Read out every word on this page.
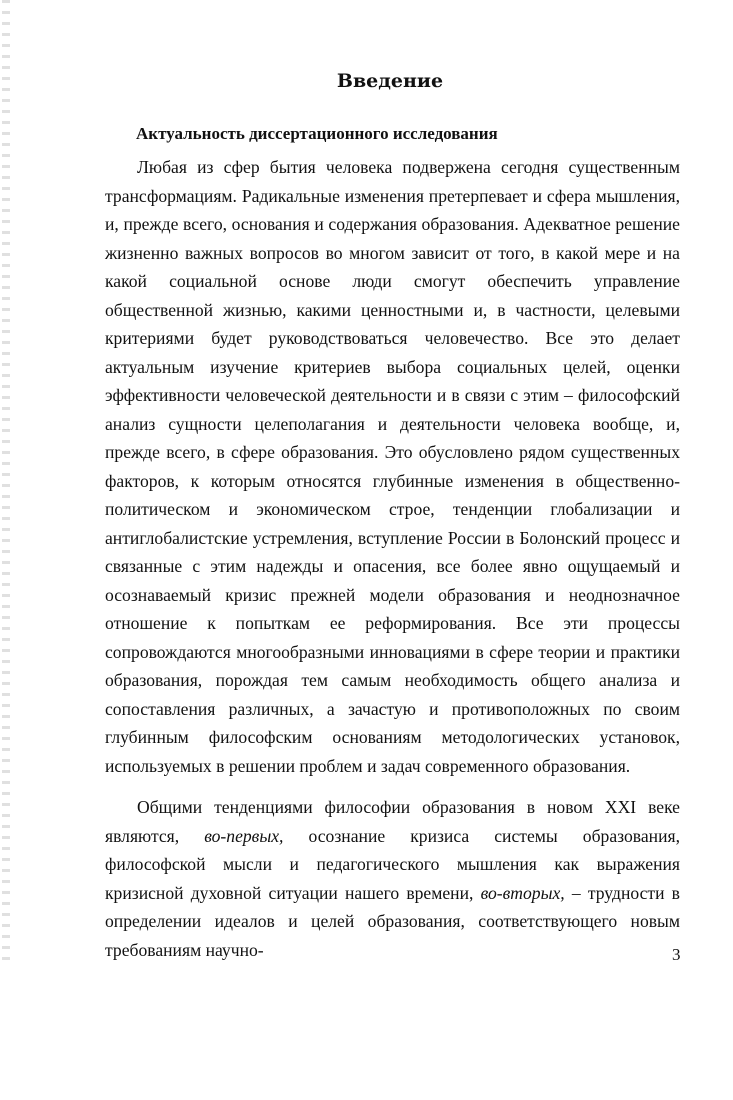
Введение
Актуальность диссертационного исследования

Любая из сфер бытия человека подвержена сегодня существенным трансформациям. Радикальные изменения претерпевает и сфера мышления, и, прежде всего, основания и содержания образования. Адекватное решение жизненно важных вопросов во многом зависит от того, в какой мере и на какой социальной основе люди смогут обеспечить управление общественной жизнью, какими ценностными и, в частности, целевыми критериями будет руководствоваться человечество. Все это делает актуальным изучение критериев выбора социальных целей, оценки эффективности человеческой деятельности и в связи с этим – философский анализ сущности целеполагания и деятельности человека вообще, и, прежде всего, в сфере образования. Это обусловлено рядом существенных факторов, к которым относятся глубинные изменения в общественно-политическом и экономическом строе, тенденции глобализации и антиглобалистские устремления, вступление России в Болонский процесс и связанные с этим надежды и опасения, все более явно ощущаемый и осознаваемый кризис прежней модели образования и неоднозначное отношение к попыткам ее реформирования. Все эти процессы сопровождаются многообразными инновациями в сфере теории и практики образования, порождая тем самым необходимость общего анализа и сопоставления различных, а зачастую и противоположных по своим глубинным философским основаниям методологических установок, используемых в решении проблем и задач современного образования.

Общими тенденциями философии образования в новом XXI веке являются, во-первых, осознание кризиса системы образования, философской мысли и педагогического мышления как выражения кризисной духовной ситуации нашего времени, во-вторых, – трудности в определении идеалов и целей образования, соответствующего новым требованиям научно-	3
